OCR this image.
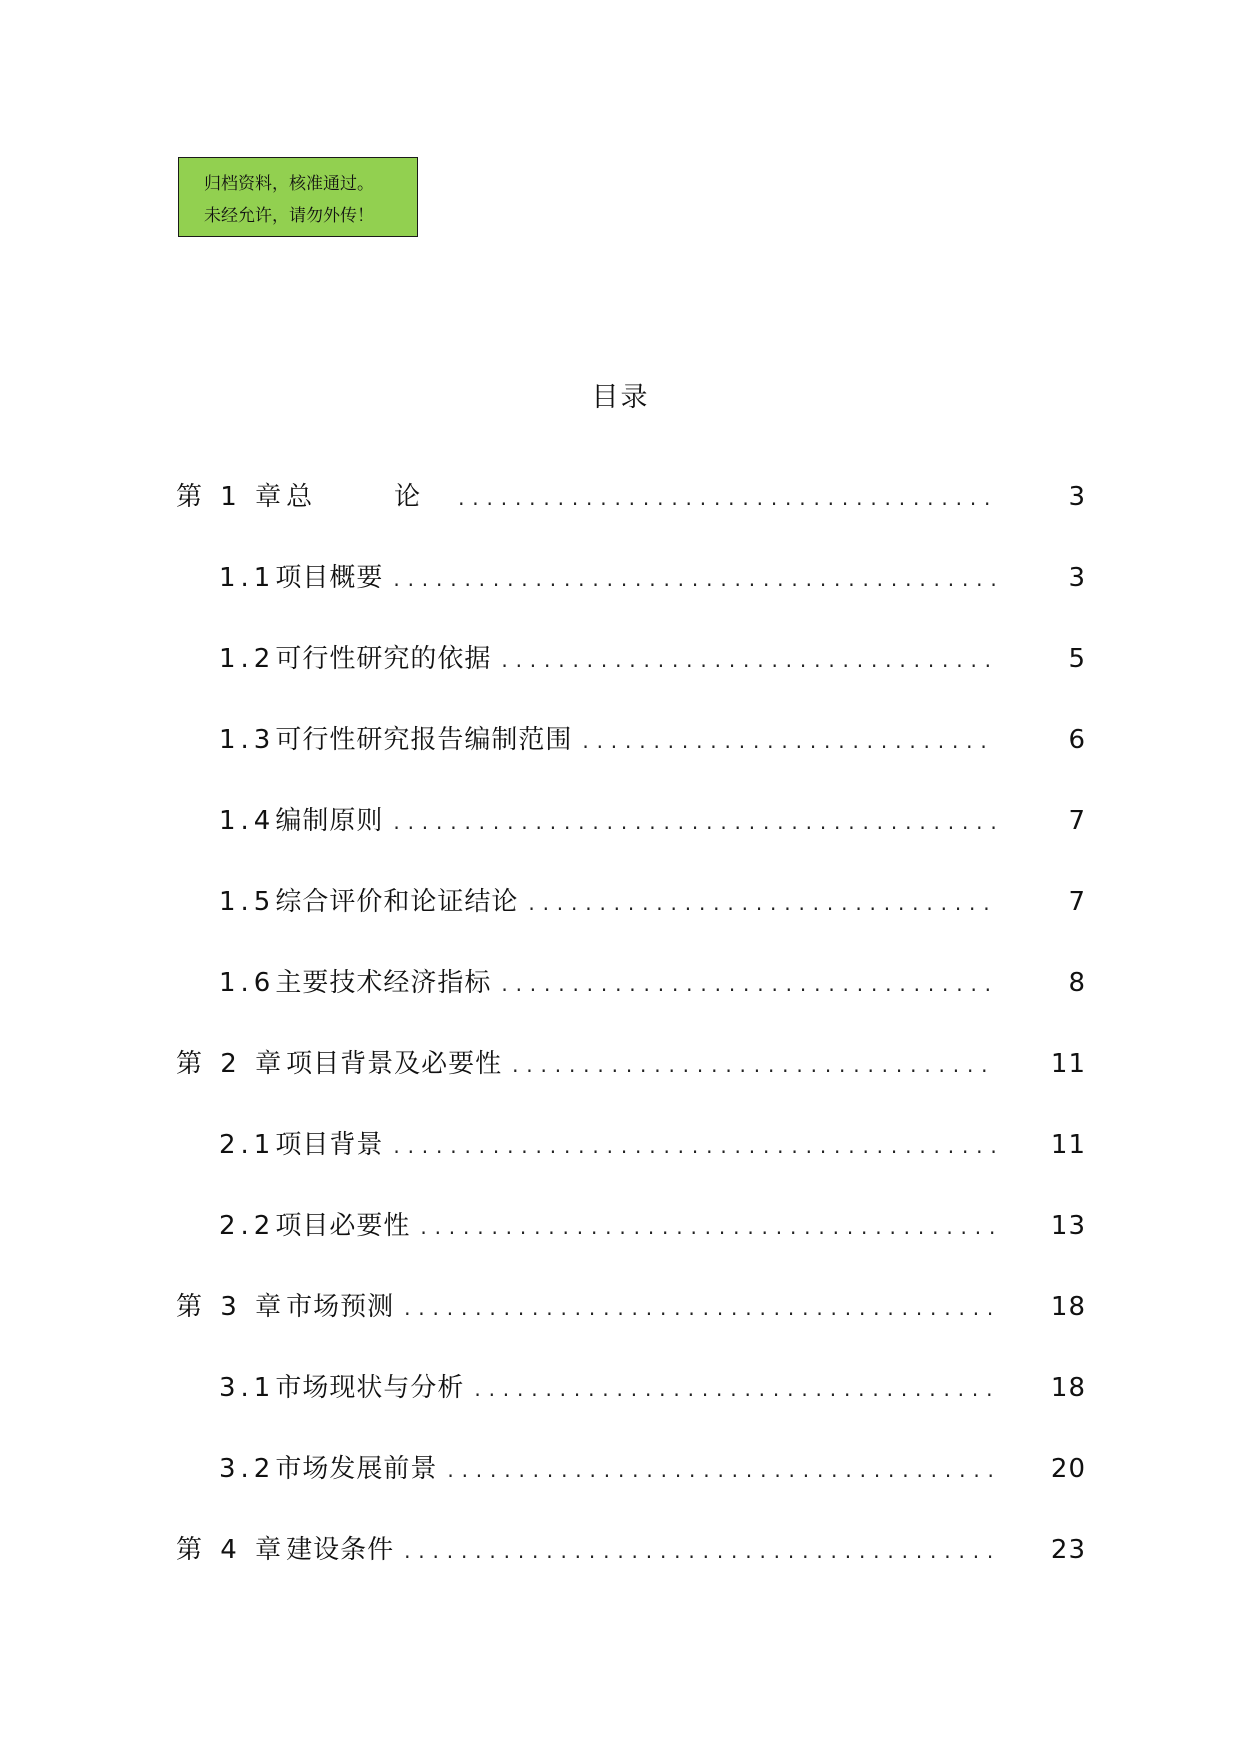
归档资料，核准通过。
未经允许，请勿外传！
目录
第 1 章 总　论 . . .	3
1.1 项目概要 . . .	3
1.2 可行性研究的依据 . . .	5
1.3 可行性研究报告编制范围 . . .	6
1.4 编制原则 . . .	7
1.5 综合评价和论证结论 . . .	7
1.6 主要技术经济指标 . . .	8
第 2 章 项目背景及必要性 . . .	11
2.1 项目背景 . . .	11
2.2 项目必要性 . . .	13
第 3 章 市场预测 . . .	18
3.1 市场现状与分析 . . .	18
3.2 市场发展前景 . . .	20
第 4 章 建设条件 . . .	23
